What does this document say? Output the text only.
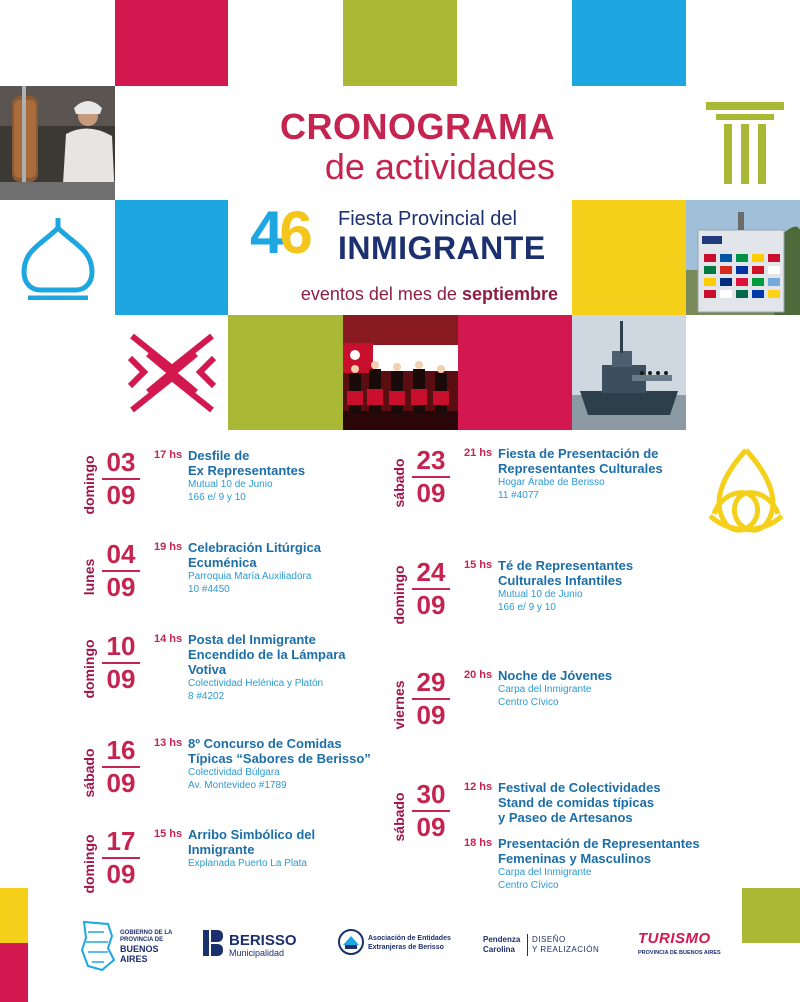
CRONOGRAMA
de actividades
46 Fiesta Provincial del
INMIGRANTE
eventos del mes de septiembre
domingo 03
09
17 hs Desfile de
Ex Representantes
Mutual 10 de Junio
166 e/ 9 y 10
lunes
04
09
19 hs Celebración Litúrgica
Ecuménica
Parroquia María Auxiliadora
10 #4450
domingo 10
09
14 hs Posta del Inmigrante
Encendido de la Lámpara
Votiva
Colectividad Helénica y Platón
8 #4202
sábado 16
09
13 hs 8º Concurso de Comidas
Típicas “Sabores de Berisso”
Colectividad Búlgara
Av. Montevideo #1789
domingo 17
09
15 hs Arribo Simbólico del
Inmigrante
Explanada Puerto La Plata
sábado 23
09
21 hs Fiesta de Presentación de
Representantes Culturales
Hogar Árabe de Berisso
11 #4077
domingo 24
09
15 hs Té de Representantes
Culturales Infantiles
Mutual 10 de Junio
166 e/ 9 y 10
viernes 29
09
20 hs Noche de Jóvenes
Carpa del Inmigrante
Centro Cívico
sábado 30
09
12 hs Festival de Colectividades
Stand de comidas típicas
y Paseo de Artesanos
18 hs Presentación de Representantes
Femeninas y Masculinos
Carpa del Inmigrante
Centro Cívico
GOBIERNO DE LA
PROVINCIA DE
BUENOS
AIRES
BERISSO
Municipalidad
Asociación de Entidades
Extranjeras de Berisso
Pendenza
Carolina
DISEÑO
Y REALIZACIÓN
TURISMO
PROVINCIA DE BUENOS AIRES
